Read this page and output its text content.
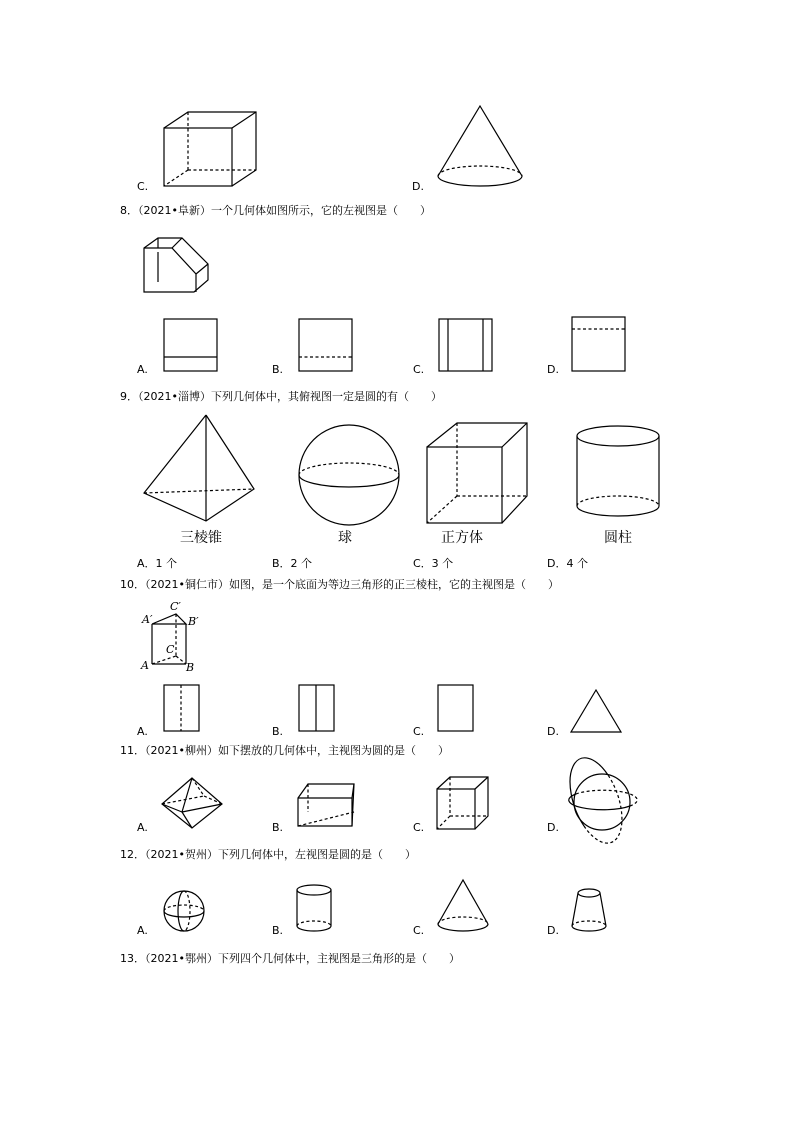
C.	D.
8．（2021•阜新）一个几何体如图所示，它的左视图是（　　）
A.	B.	C.	D.
9．（2021•淄博）下列几何体中，其俯视图一定是圆的有（　　）
三棱锥	球	正方体	圆柱
A．1 个	B．2 个	C．3 个	D．4 个
10．（2021•铜仁市）如图，是一个底面为等边三角形的正三棱柱，它的主视图是（　　）
C′
A′	B′
C
A	B
A.	B.	C.	D.
11．（2021•柳州）如下摆放的几何体中，主视图为圆的是（　　）
A.	B.	C.	D.
12．（2021•贺州）下列几何体中，左视图是圆的是（　　）
A.	B.	C.	D.
13．（2021•鄂州）下列四个几何体中，主视图是三角形的是（　　）
